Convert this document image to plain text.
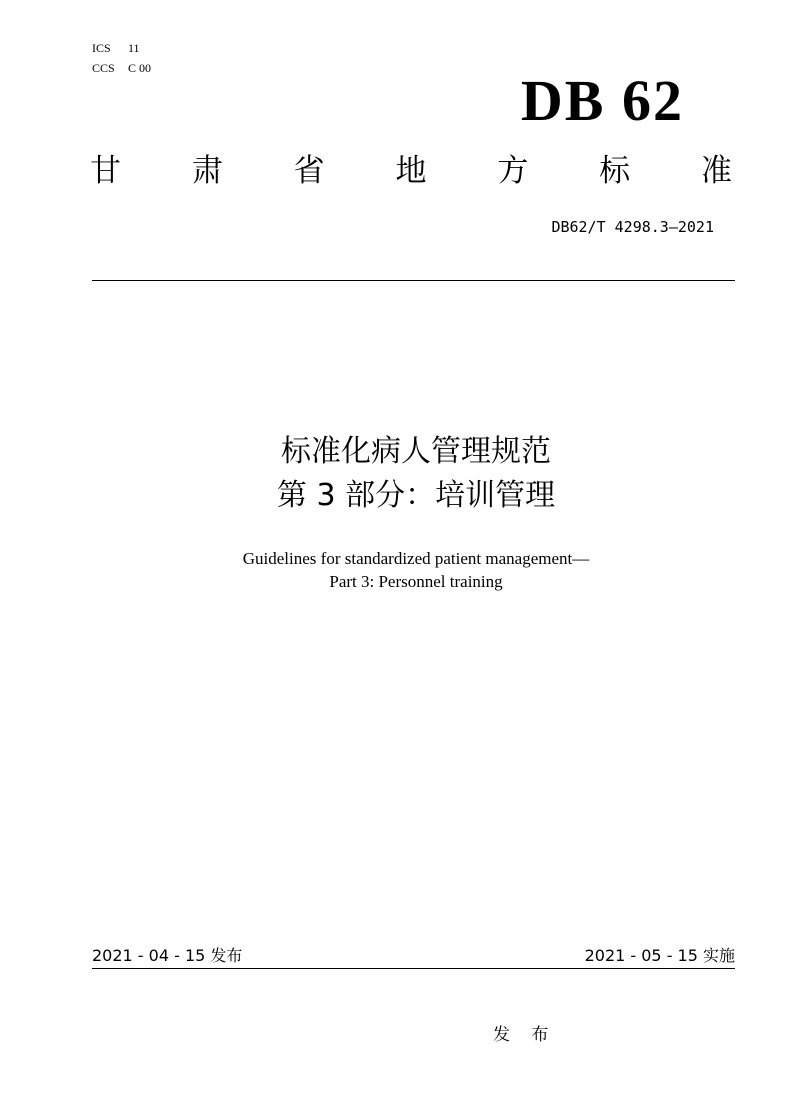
ICS 11
CCS C 00	DB 62
甘 肃 省 地 方 标 准
DB62/T 4298.3—2021
标准化病人管理规范
第 3 部分：培训管理
Guidelines for standardized patient management—
Part 3: Personnel training
2021 - 04 - 15 发布	2021 - 05 - 15 实施
发 布
